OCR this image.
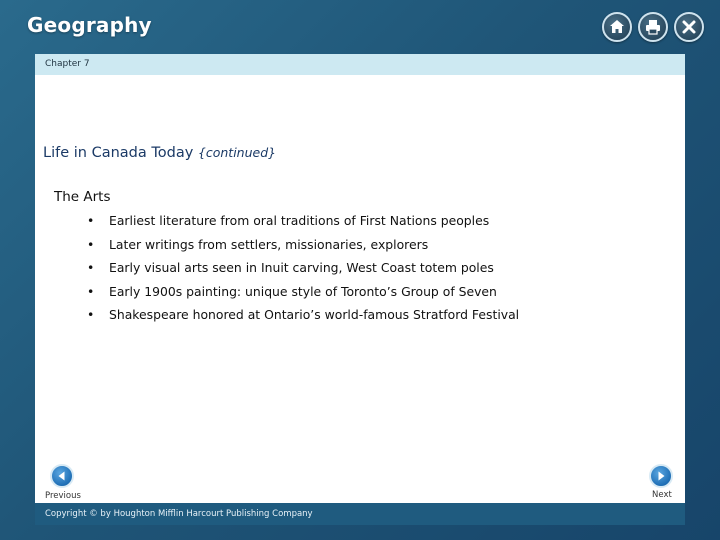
Geography
Chapter 7
Life in Canada Today {continued}
The Arts
• Earliest literature from oral traditions of First Nations peoples
• Later writings from settlers, missionaries, explorers
• Early visual arts seen in Inuit carving, West Coast totem poles
• Early 1900s painting: unique style of Toronto’s Group of Seven
• Shakespeare honored at Ontario’s world-famous Stratford Festival
Previous	Next
Copyright © by Houghton Mifflin Harcourt Publishing Company
